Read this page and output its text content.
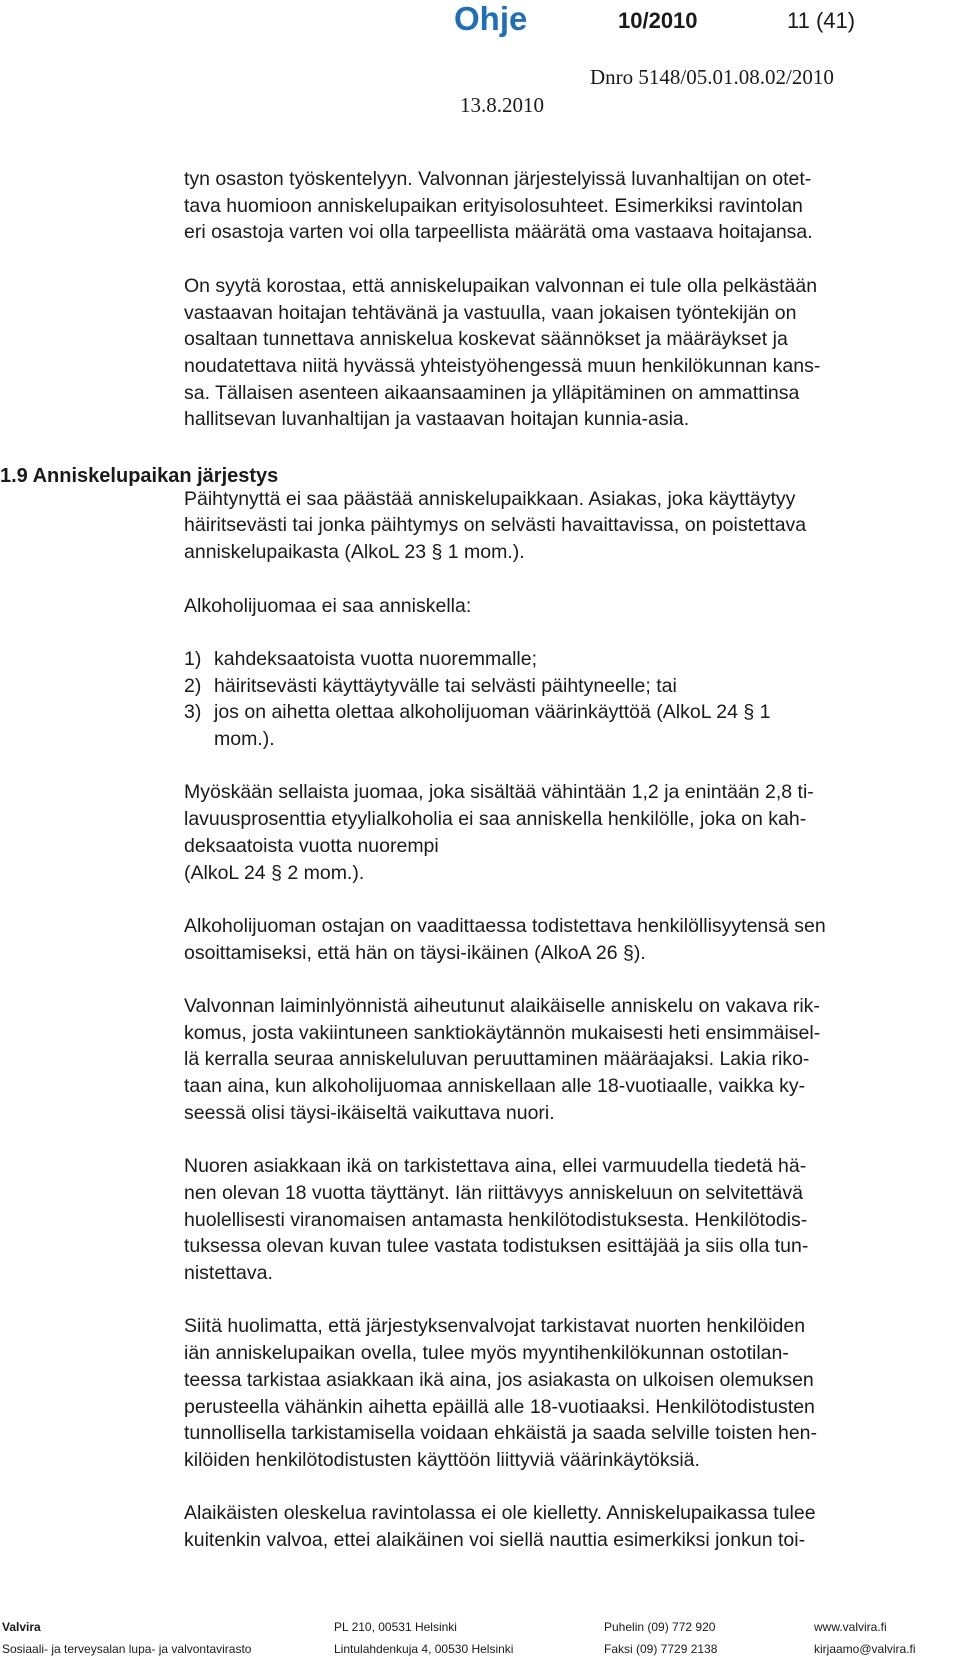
Ohje	10/2010	11 (41)
Dnro 5148/05.01.08.02/2010
13.8.2010
1.9 Anniskelupaikan järjestys

tyn osaston työskentelyyn. Valvonnan järjestelyissä luvanhaltijan on otet-
tava huomioon anniskelupaikan erityisolosuhteet. Esimerkiksi ravintolan
eri osastoja varten voi olla tarpeellista määrätä oma vastaava hoitajansa.

On syytä korostaa, että anniskelupaikan valvonnan ei tule olla pelkästään
vastaavan hoitajan tehtävänä ja vastuulla, vaan jokaisen työntekijän on
osaltaan tunnettava anniskelua koskevat säännökset ja määräykset ja
noudatettava niitä hyvässä yhteistyöhengessä muun henkilökunnan kans-
sa. Tällaisen asenteen aikaansaaminen ja ylläpitäminen on ammattinsa
hallitsevan luvanhaltijan ja vastaavan hoitajan kunnia-asia.

Päihtynyttä ei saa päästää anniskelupaikkaan. Asiakas, joka käyttäytyy
häiritsevästi tai jonka päihtymys on selvästi havaittavissa, on poistettava
anniskelupaikasta (AlkoL 23 § 1 mom.).

Alkoholijuomaa ei saa anniskella:

1) kahdeksaatoista vuotta nuoremmalle;
2) häiritsevästi käyttäytyvälle tai selvästi päihtyneelle; tai
3) jos on aihetta olettaa alkoholijuoman väärinkäyttöä (AlkoL 24 § 1
mom.).

Myöskään sellaista juomaa, joka sisältää vähintään 1,2 ja enintään 2,8 ti-
lavuusprosenttia etyylialkoholia ei saa anniskella henkilölle, joka on kah-
deksaatoista vuotta nuorempi
(AlkoL 24 § 2 mom.).

Alkoholijuoman ostajan on vaadittaessa todistettava henkilöllisyytensä sen
osoittamiseksi, että hän on täysi-ikäinen (AlkoA 26 §).

Valvonnan laiminlyönnistä aiheutunut alaikäiselle anniskelu on vakava rik-
komus, josta vakiintuneen sanktiokäytännön mukaisesti heti ensimmäisel-
lä kerralla seuraa anniskeluluvan peruuttaminen määräajaksi. Lakia riko-
taan aina, kun alkoholijuomaa anniskellaan alle 18-vuotiaalle, vaikka ky-
seessä olisi täysi-ikäiseltä vaikuttava nuori.

Nuoren asiakkaan ikä on tarkistettava aina, ellei varmuudella tiedetä hä-
nen olevan 18 vuotta täyttänyt. Iän riittävyys anniskeluun on selvitettävä
huolellisesti viranomaisen antamasta henkilötodistuksesta. Henkilötodis-
tuksessa olevan kuvan tulee vastata todistuksen esittäjää ja siis olla tun-
nistettava.

Siitä huolimatta, että järjestyksenvalvojat tarkistavat nuorten henkilöiden
iän anniskelupaikan ovella, tulee myös myyntihenkilökunnan ostotilan-
teessa tarkistaa asiakkaan ikä aina, jos asiakasta on ulkoisen olemuksen
perusteella vähänkin aihetta epäillä alle 18-vuotiaaksi. Henkilötodistusten
tunnollisella tarkistamisella voidaan ehkäistä ja saada selville toisten hen-
kilöiden henkilötodistusten käyttöön liittyviä väärinkäytöksiä.

Alaikäisten oleskelua ravintolassa ei ole kielletty. Anniskelupaikassa tulee
kuitenkin valvoa, ettei alaikäinen voi siellä nauttia esimerkiksi jonkun toi-

Valvira
Sosiaali- ja terveysalan lupa- ja valvontavirasto
PL 210, 00531 Helsinki
Lintulahdenkuja 4, 00530 Helsinki
Puhelin (09) 772 920
Faksi (09) 7729 2138
www.valvira.fi
kirjaamo@valvira.fi
